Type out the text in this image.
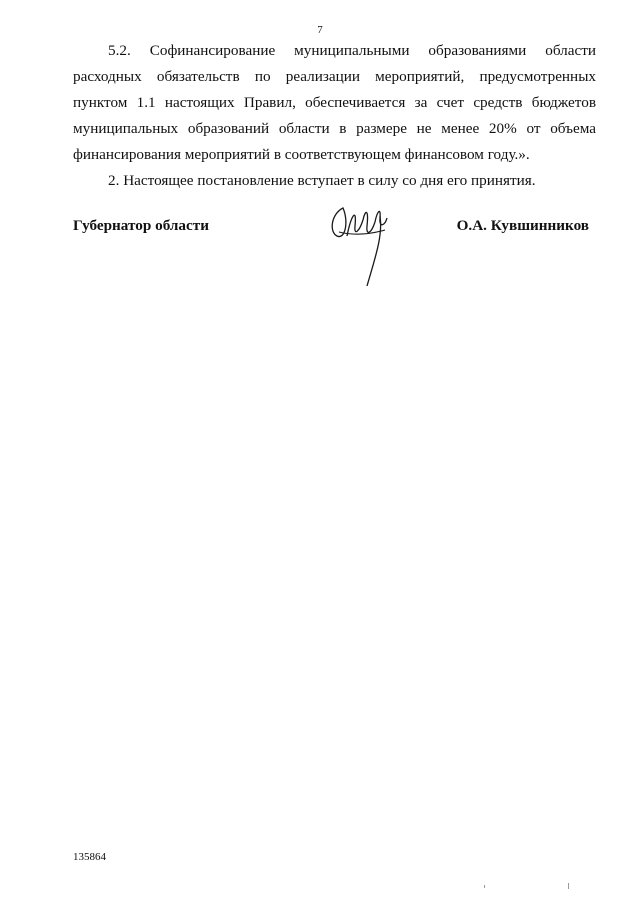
7

5.2. Софинансирование муниципальными образованиями области расходных обязательств по реализации мероприятий, предусмотренных пунктом 1.1 настоящих Правил, обеспечивается за счет средств бюджетов муниципальных образований области в размере не менее 20% от объема финансирования мероприятий в соответствующем финансовом году.».

2. Настоящее постановление вступает в силу со дня его принятия.

Губернатор области	О.А. Кувшинников
135864
